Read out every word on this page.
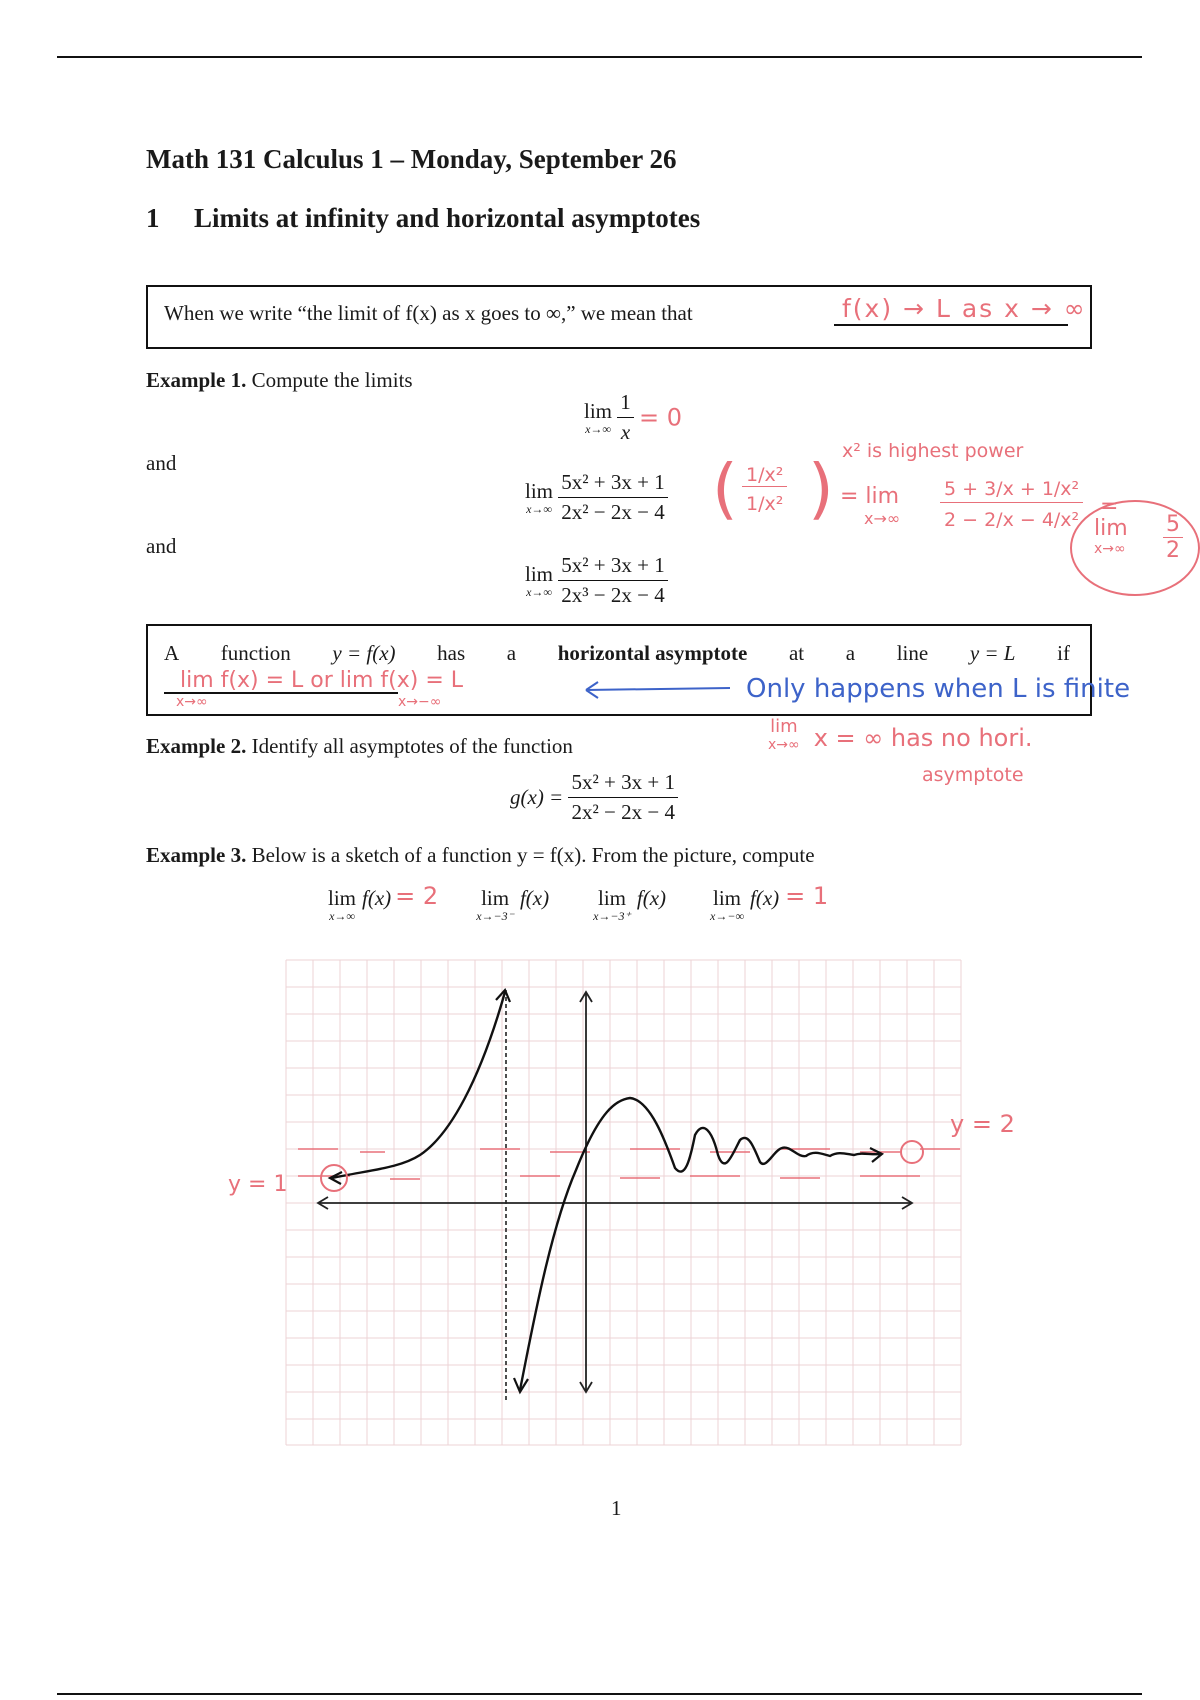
Math 131 Calculus 1 – Monday, September 26
1 Limits at infinity and horizontal asymptotes
When we write “the limit of f(x) as x goes to ∞,” we mean that	f(x) → L as x → ∞
Example 1. Compute the limits
lim
x→∞
$\frac{1}{x} = 0$
and
lim
x→∞
$\frac{\text{5x² + 3x + 1}}{\text{2x² − 2x − 4}}$
and
lim
x→∞
$\frac{\text{5x² + 3x + 1}}{\text{2x³ − 2x − 4}}$
x² is highest power
( $\frac{\text{1/x²}}{\text{1/x²}}$ ) = lim
$x\to\infty \frac{\text{5 + 3/x + 1/x²}}{\text{2 − 2/x − 4/x²}}$ =
lim
$x\to\infty \frac{5}{2}$
A function y = f(x) has a horizontal asymptote at a line y = L if
lim f(x) = L or lim f(x) = L
x→∞	x→−∞	Only happens when L is finite
Example 2. Identify all asymptotes of the function
$g(x) = \frac{\text{5x² + 3x + 1}}{\text{2x² − 2x − 4}}$
lim
x→∞ x = ∞ has no hori.
asymptote
Example 3. Below is a sketch of a function y = f(x). From the picture, compute
lim
x→∞
f(x) = 2 lim
x→−3⁻
f(x) lim
x→−3⁺
f(x) lim
x→−∞
f(x) = 1
y = 2
y = 1
1
